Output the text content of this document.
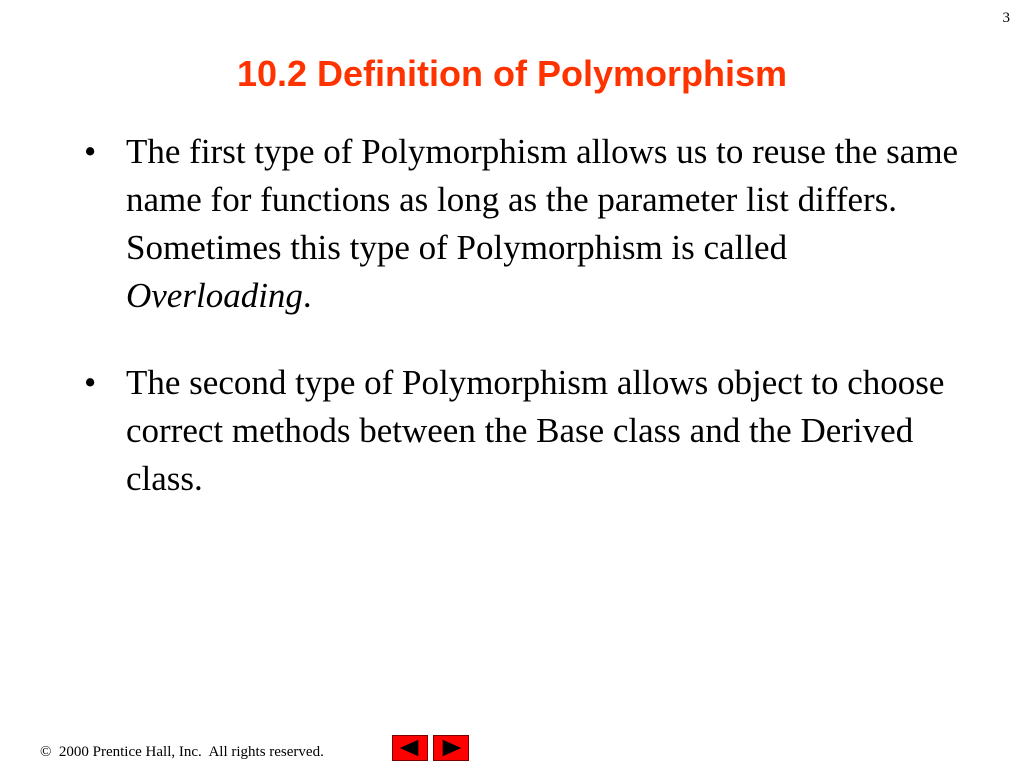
3
10.2 Definition of Polymorphism
• The first type of Polymorphism allows us to reuse the same name for functions as long as the parameter list differs. Sometimes this type of Polymorphism is called Overloading.
• The second type of Polymorphism allows object to choose correct methods between the Base class and the Derived class.
©  2000 Prentice Hall, Inc.  All rights reserved.
